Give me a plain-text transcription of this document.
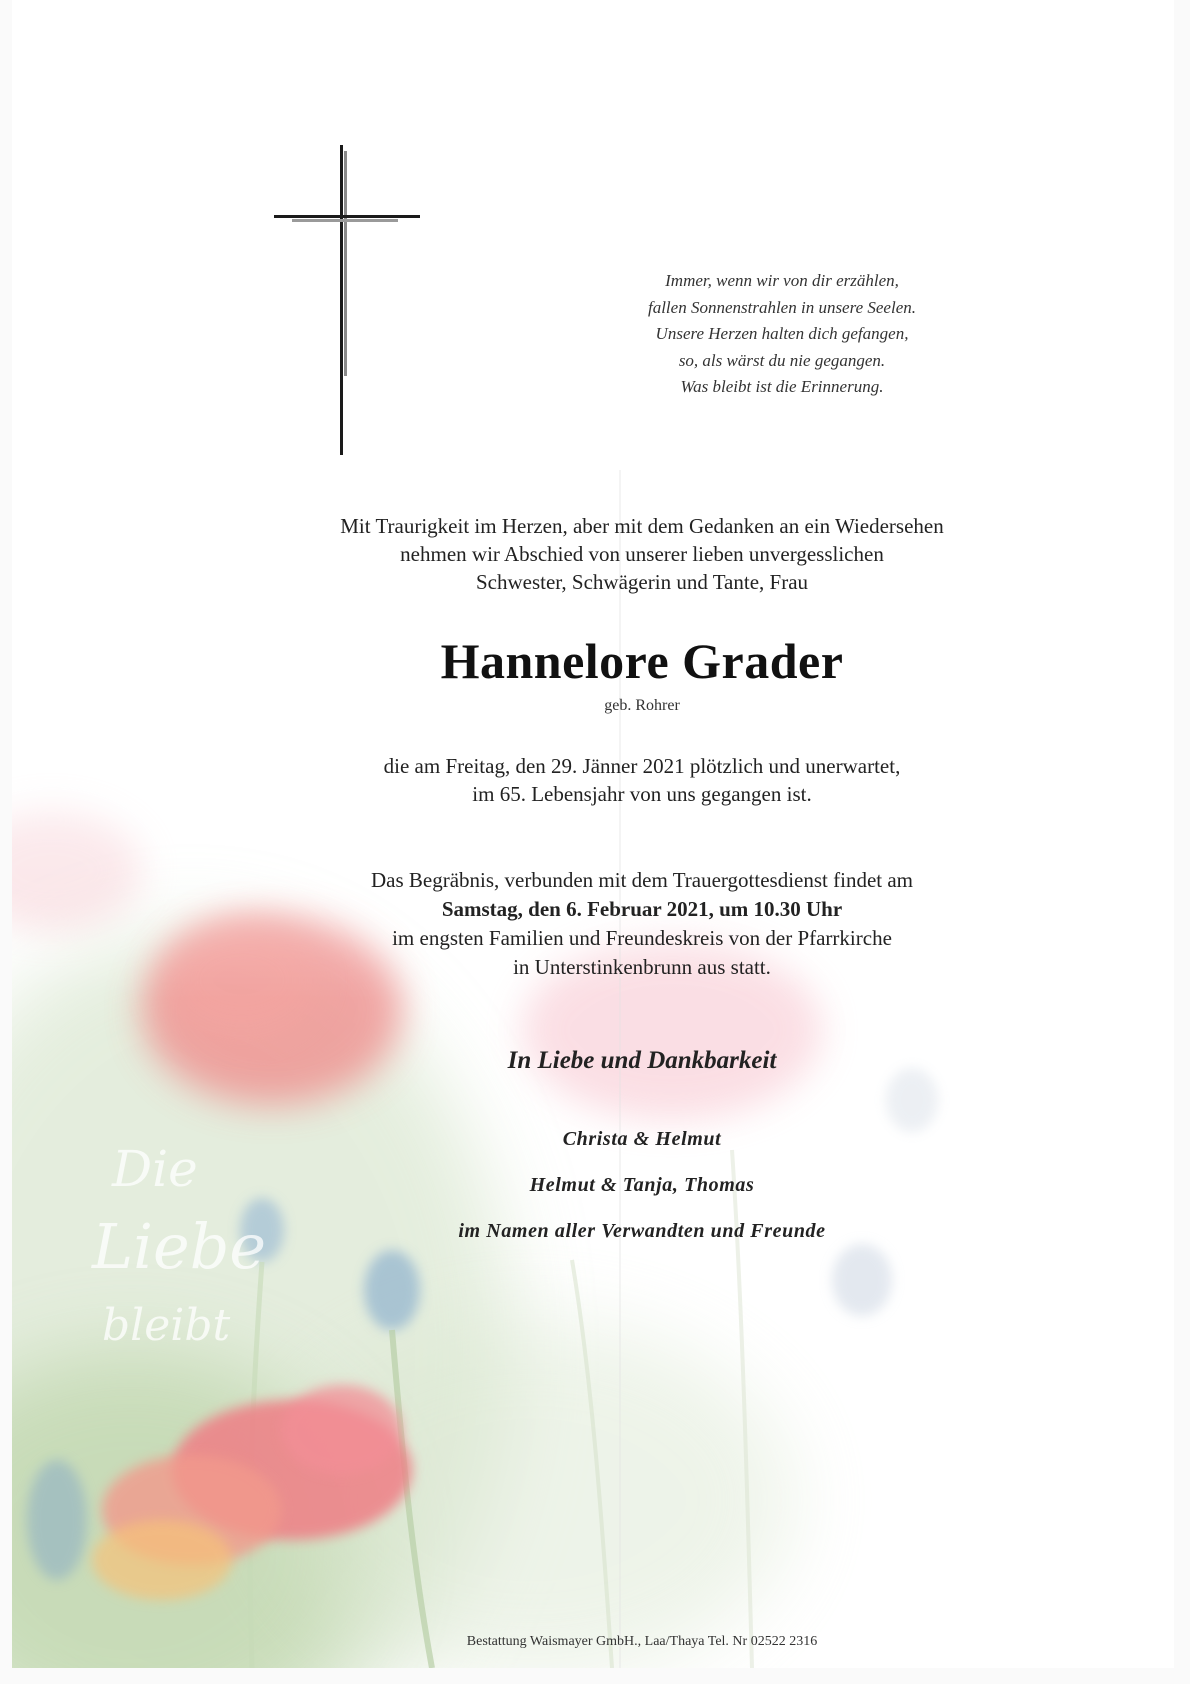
Immer, wenn wir von dir erzählen,
fallen Sonnenstrahlen in unsere Seelen.
Unsere Herzen halten dich gefangen,
so, als wärst du nie gegangen.
Was bleibt ist die Erinnerung.
Mit Traurigkeit im Herzen, aber mit dem Gedanken an ein Wiedersehen
nehmen wir Abschied von unserer lieben unvergesslichen
Schwester, Schwägerin und Tante, Frau
Hannelore Grader
geb. Rohrer
die am Freitag, den 29. Jänner 2021 plötzlich und unerwartet,
im 65. Lebensjahr von uns gegangen ist.
Das Begräbnis, verbunden mit dem Trauergottesdienst findet am
Samstag, den 6. Februar 2021, um 10.30 Uhr
im engsten Familien und Freundeskreis von der Pfarrkirche
in Unterstinkenbrunn aus statt.
In Liebe und Dankbarkeit
Christa & Helmut
Helmut & Tanja, Thomas
im Namen aller Verwandten und Freunde
Die
Liebe
bleibt
Bestattung Waismayer GmbH., Laa/Thaya Tel. Nr 02522 2316
